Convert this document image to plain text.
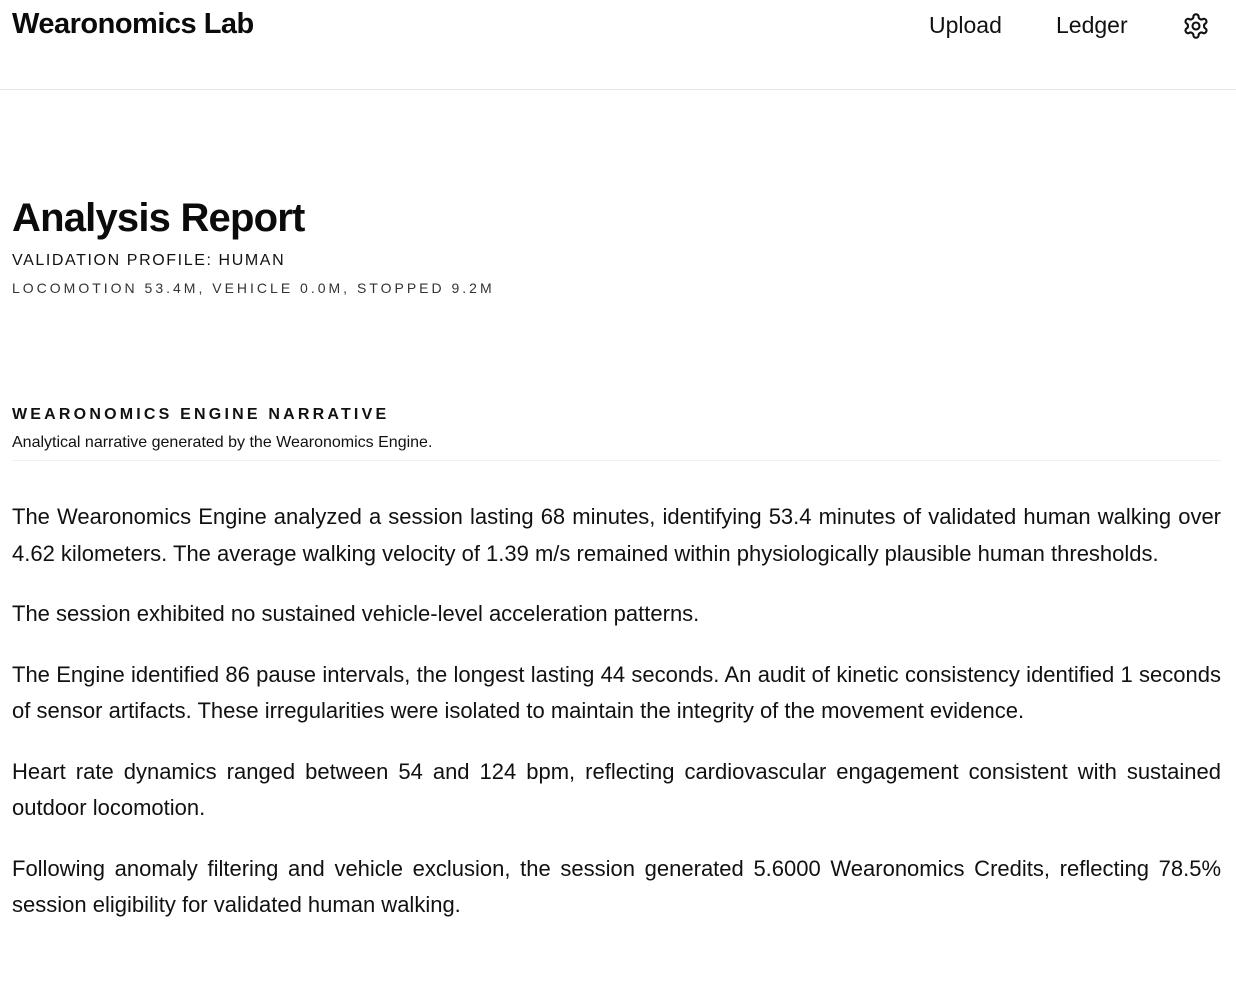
Wearonomics Lab	Upload Ledger
Analysis Report
VALIDATION PROFILE: HUMAN
LOCOMOTION 53.4M, VEHICLE 0.0M, STOPPED 9.2M
WEARONOMICS ENGINE NARRATIVE
Analytical narrative generated by the Wearonomics Engine.

The Wearonomics Engine analyzed a session lasting 68 minutes, identifying 53.4 minutes of validated human walking over 4.62 kilometers. The average walking velocity of 1.39 m/s remained within physiologically plausible human thresholds.

The session exhibited no sustained vehicle-level acceleration patterns.

The Engine identified 86 pause intervals, the longest lasting 44 seconds. An audit of kinetic consistency identified 1 seconds of sensor artifacts. These irregularities were isolated to maintain the integrity of the movement evidence.

Heart rate dynamics ranged between 54 and 124 bpm, reflecting cardiovascular engagement consistent with sustained outdoor locomotion.

Following anomaly filtering and vehicle exclusion, the session generated 5.6000 Wearonomics Credits, reflecting 78.5% session eligibility for validated human walking.
